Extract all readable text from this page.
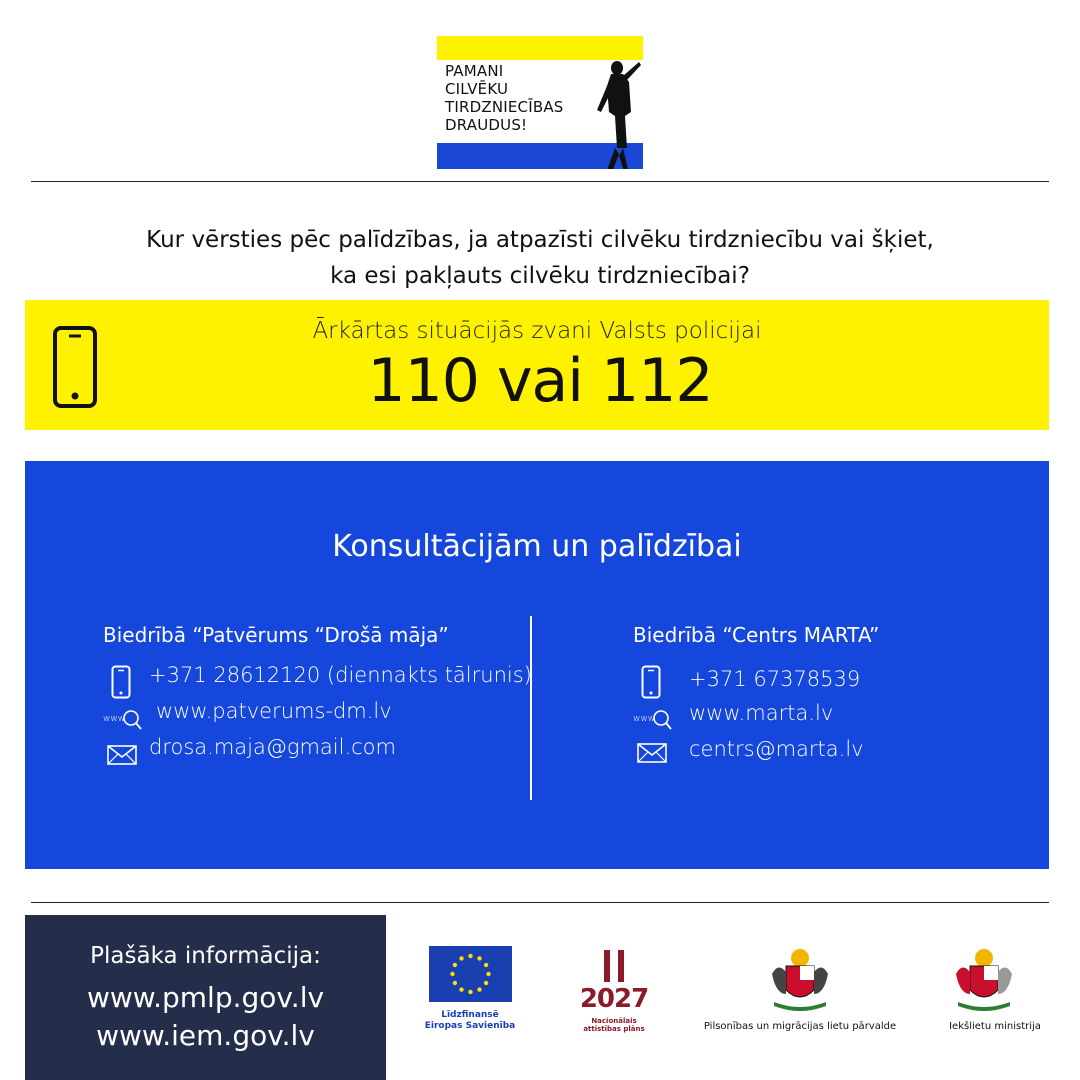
PAMANI
CILVĒKU
TIRDZNIECĪBAS
DRAUDUS!
Kur vērsties pēc palīdzības, ja atpazīsti cilvēku tirdzniecību vai šķiet,
ka esi pakļauts cilvēku tirdzniecībai?
Ārkārtas situācijās zvani Valsts policijai
110 vai 112
Konsultācijām un palīdzībai
Biedrībā “Patvērums “Drošā māja”
+371 28612120 (diennakts tālrunis)
www www.patverums-dm.lv
drosa.maja@gmail.com
Biedrībā “Centrs MARTA”
+371 67378539
www www.marta.lv
centrs@marta.lv
Plašāka informācija:
www.pmlp.gov.lv
www.iem.gov.lv
Līdzfinansē
Eiropas Savienība
2027
Nacionālais
attīstības plāns	Pilsonības un migrācijas lietu pārvalde	Iekšlietu ministrija
